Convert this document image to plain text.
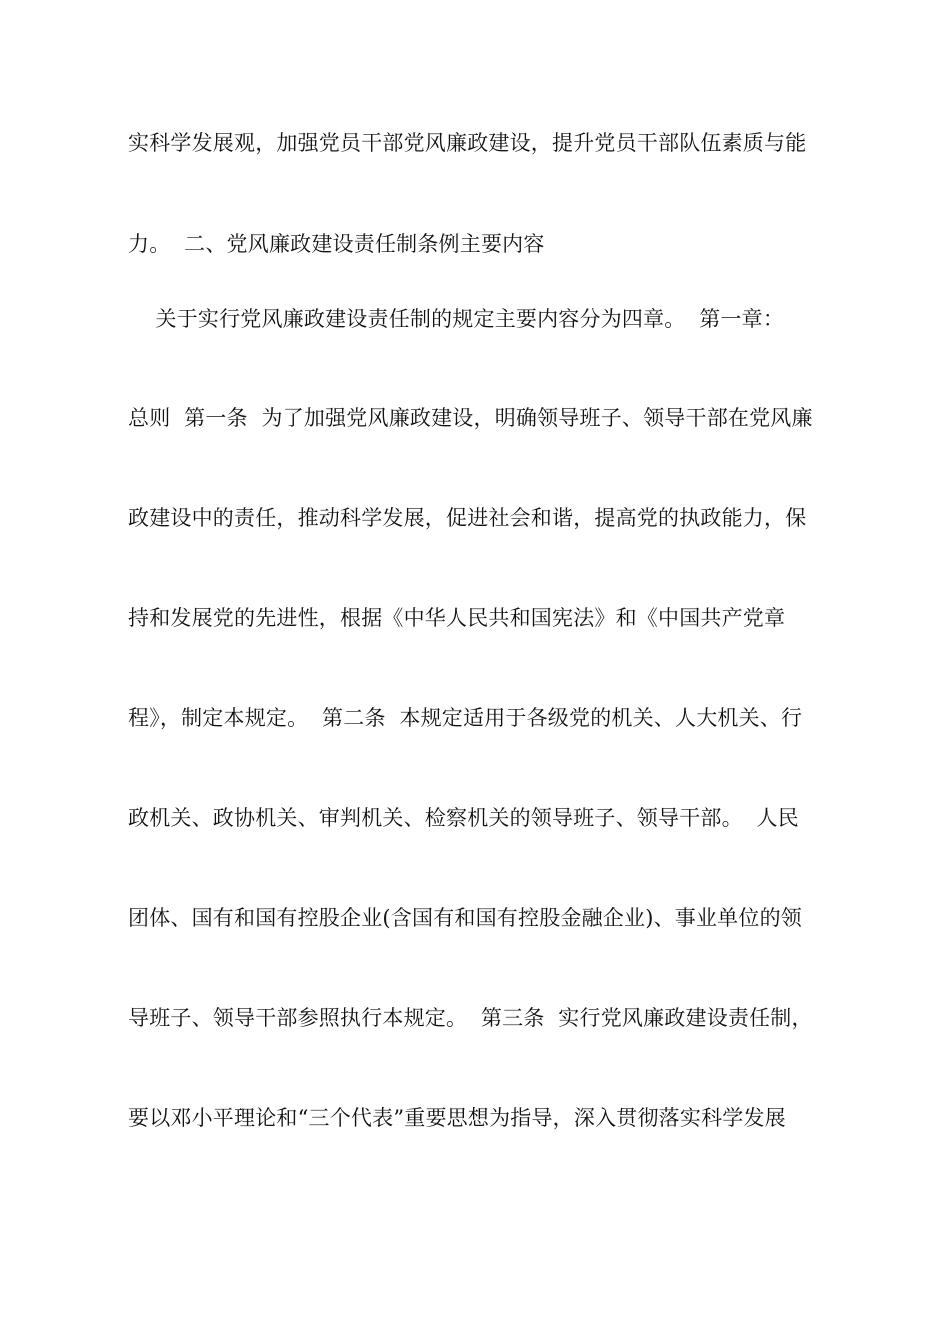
实科学发展观，加强党员干部党风廉政建设，提升党员干部队伍素质与能
力。  二、党风廉政建设责任制条例主要内容
关于实行党风廉政建设责任制的规定主要内容分为四章。  第一章：
总则  第一条  为了加强党风廉政建设，明确领导班子、领导干部在党风廉
政建设中的责任，推动科学发展，促进社会和谐，提高党的执政能力，保
持和发展党的先进性，根据《中华人民共和国宪法》和《中国共产党章
程》，制定本规定。  第二条  本规定适用于各级党的机关、人大机关、行
政机关、政协机关、审判机关、检察机关的领导班子、领导干部。  人民
团体、国有和国有控股企业(含国有和国有控股金融企业)、事业单位的领
导班子、领导干部参照执行本规定。  第三条  实行党风廉政建设责任制，
要以邓小平理论和“三个代表”重要思想为指导，深入贯彻落实科学发展
